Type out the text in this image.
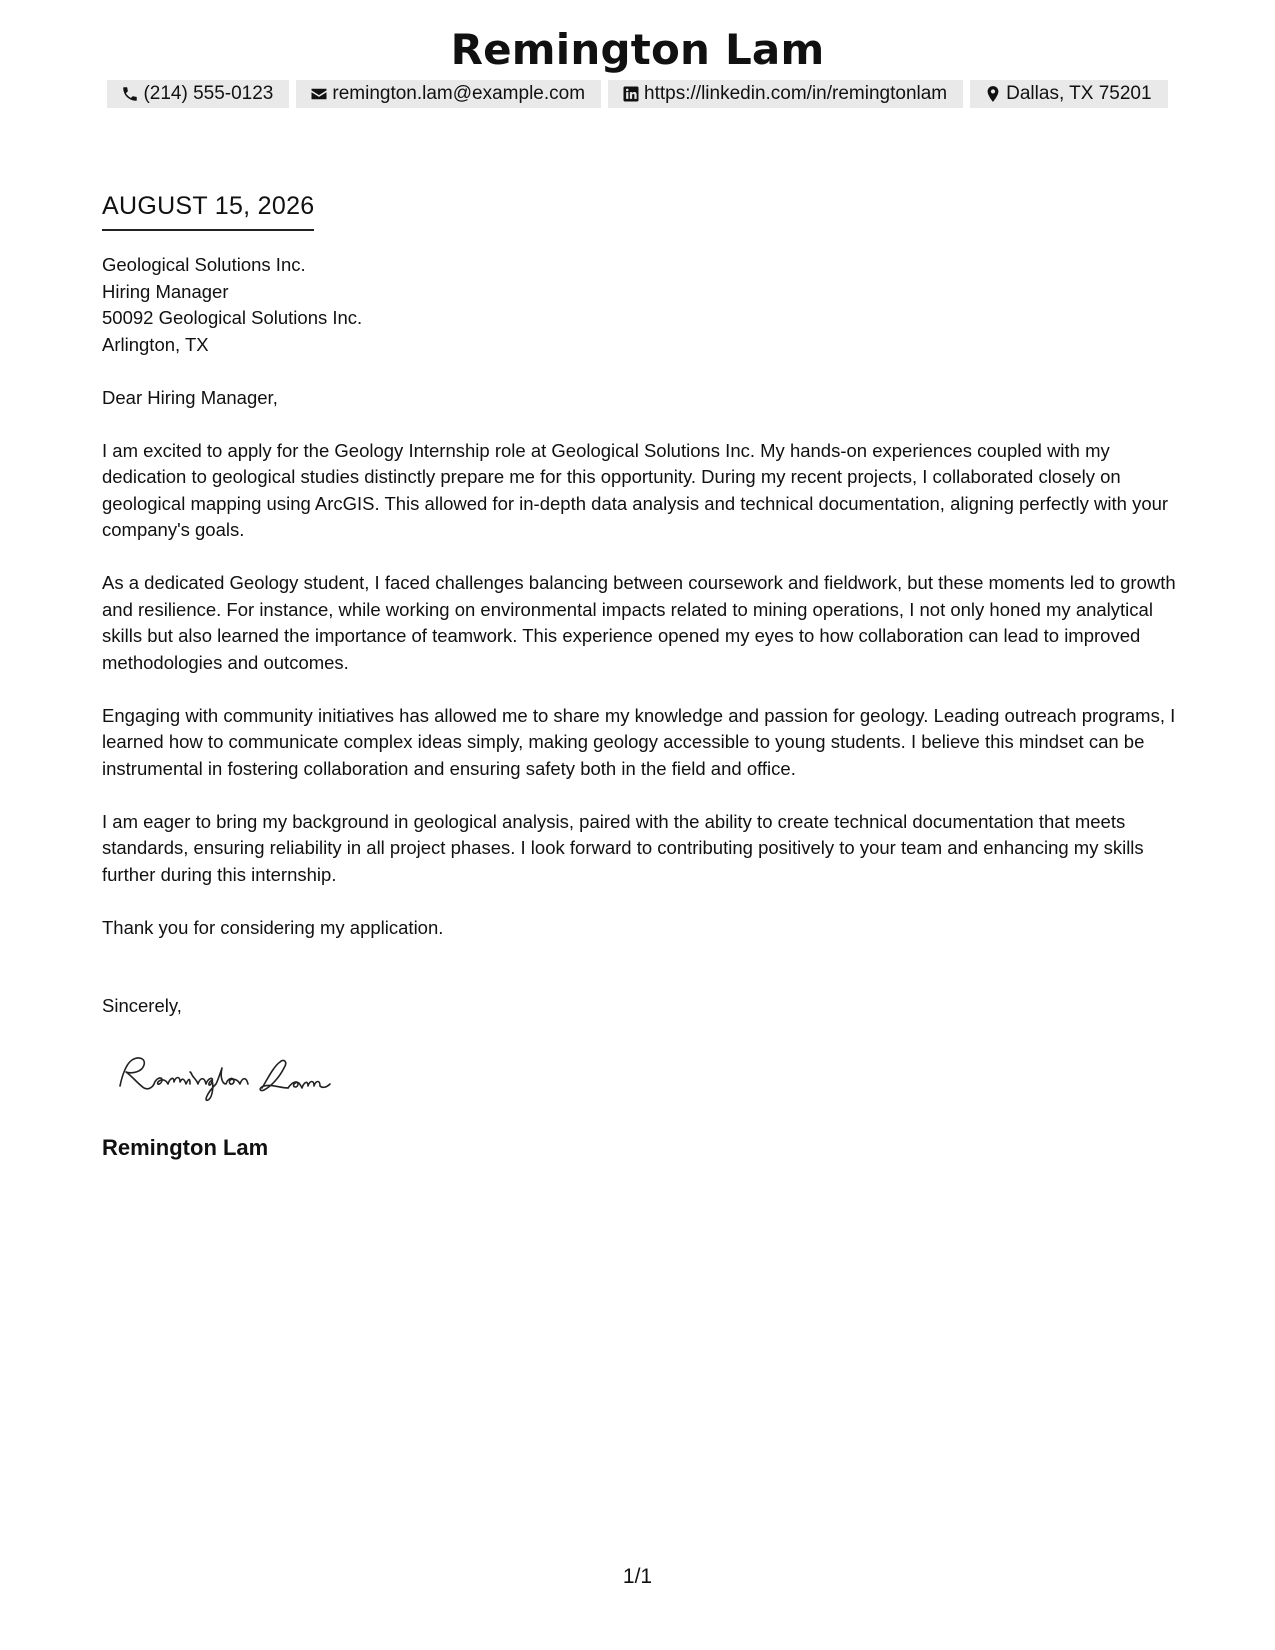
Remington Lam
(214) 555-0123	remington.lam@example.com	https://linkedin.com/in/remingtonlam	Dallas, TX 75201
AUGUST 15, 2026
Geological Solutions Inc.
Hiring Manager
50092 Geological Solutions Inc.
Arlington, TX

Dear Hiring Manager,

I am excited to apply for the Geology Internship role at Geological Solutions Inc. My hands-on experiences coupled with my dedication to geological studies distinctly prepare me for this opportunity. During my recent projects, I collaborated closely on geological mapping using ArcGIS. This allowed for in-depth data analysis and technical documentation, aligning perfectly with your company's goals.

As a dedicated Geology student, I faced challenges balancing between coursework and fieldwork, but these moments led to growth and resilience. For instance, while working on environmental impacts related to mining operations, I not only honed my analytical skills but also learned the importance of teamwork. This experience opened my eyes to how collaboration can lead to improved methodologies and outcomes.

Engaging with community initiatives has allowed me to share my knowledge and passion for geology. Leading outreach programs, I learned how to communicate complex ideas simply, making geology accessible to young students. I believe this mindset can be instrumental in fostering collaboration and ensuring safety both in the field and office.

I am eager to bring my background in geological analysis, paired with the ability to create technical documentation that meets standards, ensuring reliability in all project phases. I look forward to contributing positively to your team and enhancing my skills further during this internship.

Thank you for considering my application.

Sincerely,

Remington Lam
1/1
